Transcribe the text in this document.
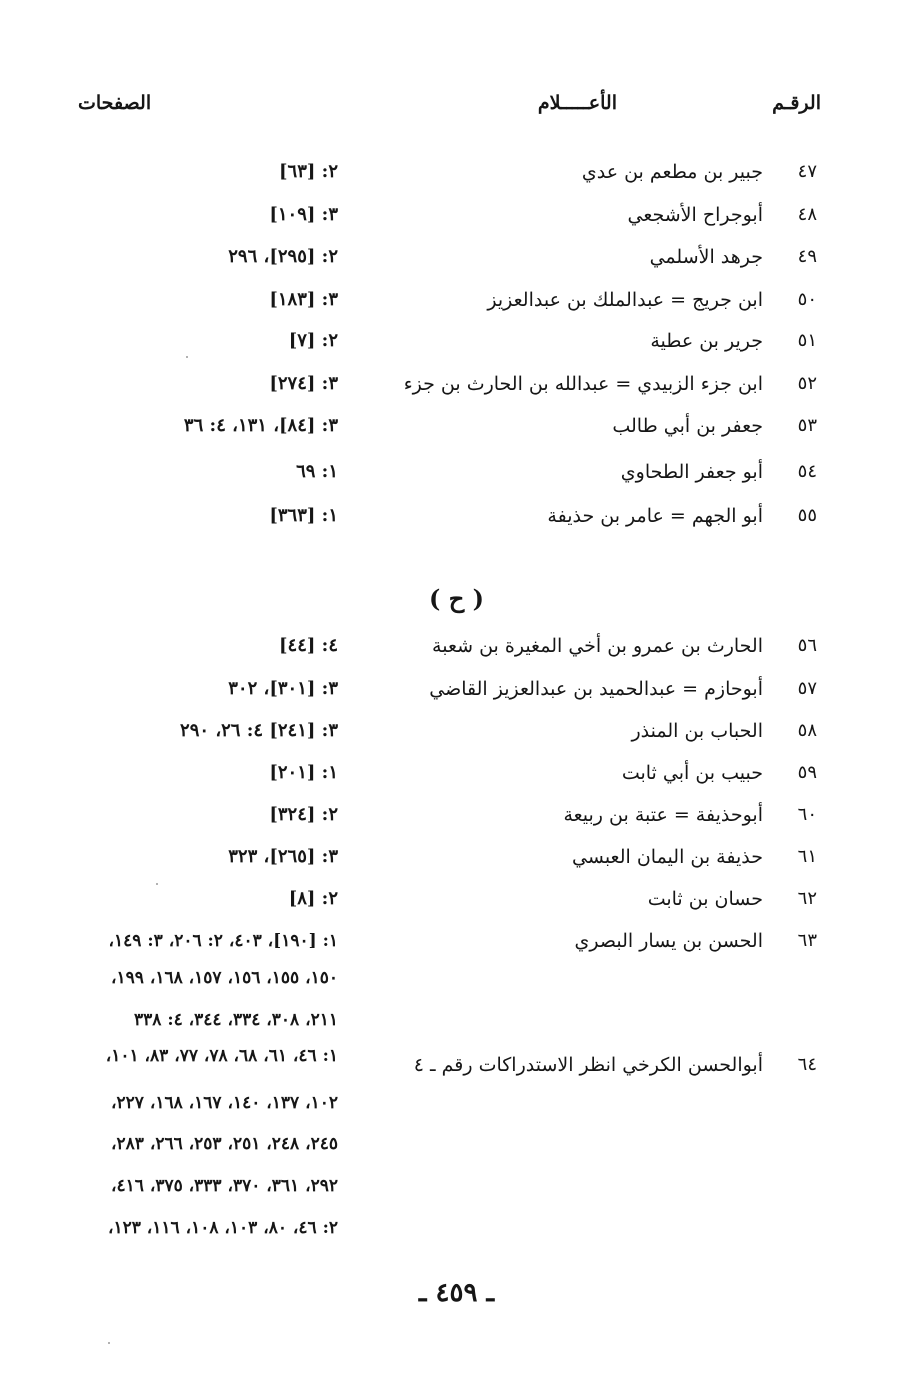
الرقـم
الأعـــــلام
الصفحات
٤٧
جبير بن مطعم بن عدي
٢: [٦٣]
٤٨
أبوجراح الأشجعي
٣: [١٠٩]
٤٩
جرهد الأسلمي
٢: [٢٩٥]، ٢٩٦
٥٠
ابن جريج = عبدالملك بن عبدالعزيز
٣: [١٨٣]
٥١
جرير بن عطية
٢: [٧]
٥٢
ابن جزء الزبيدي = عبدالله بن الحارث بن جزء
٣: [٢٧٤]
٥٣
جعفر بن أبي طالب
٣: [٨٤]، ١٣١، ٤: ٣٦
٥٤
أبو جعفر الطحاوي
١: ٦٩
٥٥
أبو الجهم = عامر بن حذيفة
١: [٣٦٣]
( ح )
٥٦
الحارث بن عمرو بن أخي المغيرة بن شعبة
٤: [٤٤]
٥٧
أبوحازم = عبدالحميد بن عبدالعزيز القاضي
٣: [٣٠١]، ٣٠٢
٥٨
الحباب بن المنذر
٣: [٢٤١] ٤: ٢٦، ٢٩٠
٥٩
حبيب بن أبي ثابت
١: [٢٠١]
٦٠
أبوحذيفة = عتبة بن ربيعة
٢: [٣٢٤]
٦١
حذيفة بن اليمان العبسي
٣: [٢٦٥]، ٣٢٣
٦٢
حسان بن ثابت
٢: [٨]
٦٣
الحسن بن يسار البصري
١: [١٩٠]، ٤٠٣، ٢: ٢٠٦، ٣: ١٤٩،
١٥٠، ١٥٥، ١٥٦، ١٥٧، ١٦٨، ١٩٩،
٢١١، ٣٠٨، ٣٣٤، ٣٤٤، ٤: ٣٣٨
٦٤
أبوالحسن الكرخي انظر الاستدراكات رقم ـ ٤
١: ٤٦، ٦١، ٦٨، ٧٨، ٧٧، ٨٣، ١٠١،
١٠٢، ١٣٧، ١٤٠، ١٦٧، ١٦٨، ٢٢٧،
٢٤٥، ٢٤٨، ٢٥١، ٢٥٣، ٢٦٦، ٢٨٣،
٢٩٢، ٣٦١، ٣٧٠، ٣٣٣، ٣٧٥، ٤١٦،
٢: ٤٦، ٨٠، ١٠٣، ١٠٨، ١١٦، ١٢٣،
ـ ٤٥٩ ـ
